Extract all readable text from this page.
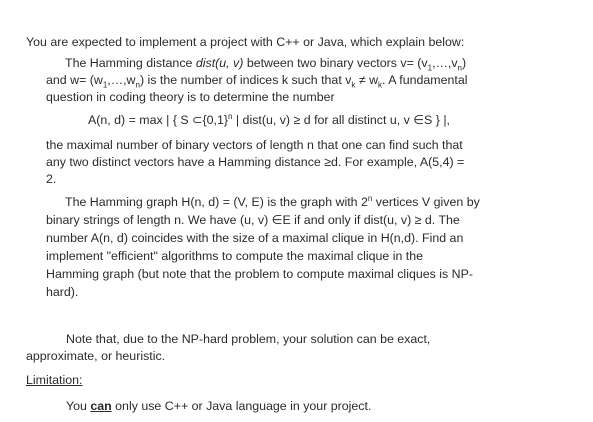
You are expected to implement a project with C++ or Java, which explain below:
The Hamming distance dist(u, v) between two binary vectors $v= (v_1,\dots,v_n)$
and $w= (w_1,\dots,w_n)$ is the number of indices k such that $v_k \ne w_k$. A fundamental
question in coding theory is to determine the number
A(n, d) = max | { S $\subset\{0,1\}^n$ | dist(u, v) ≥ d for all distinct u, v ∈S } |,
the maximal number of binary vectors of length n that one can find such that
any two distinct vectors have a Hamming distance ≥d. For example, A(5,4) =
2.
The Hamming graph H(n, d) = (V, E) is the graph with 2$^n$ vertices V given by
binary strings of length n. We have (u, v) ∈E if and only if dist(u, v) ≥ d. The
number A(n, d) coincides with the size of a maximal clique in H(n,d). Find an
implement "efficient" algorithms to compute the maximal clique in the
Hamming graph (but note that the problem to compute maximal cliques is NP-
hard).
Note that, due to the NP-hard problem, your solution can be exact,
approximate, or heuristic.
Limitation:
You can only use C++ or Java language in your project.
